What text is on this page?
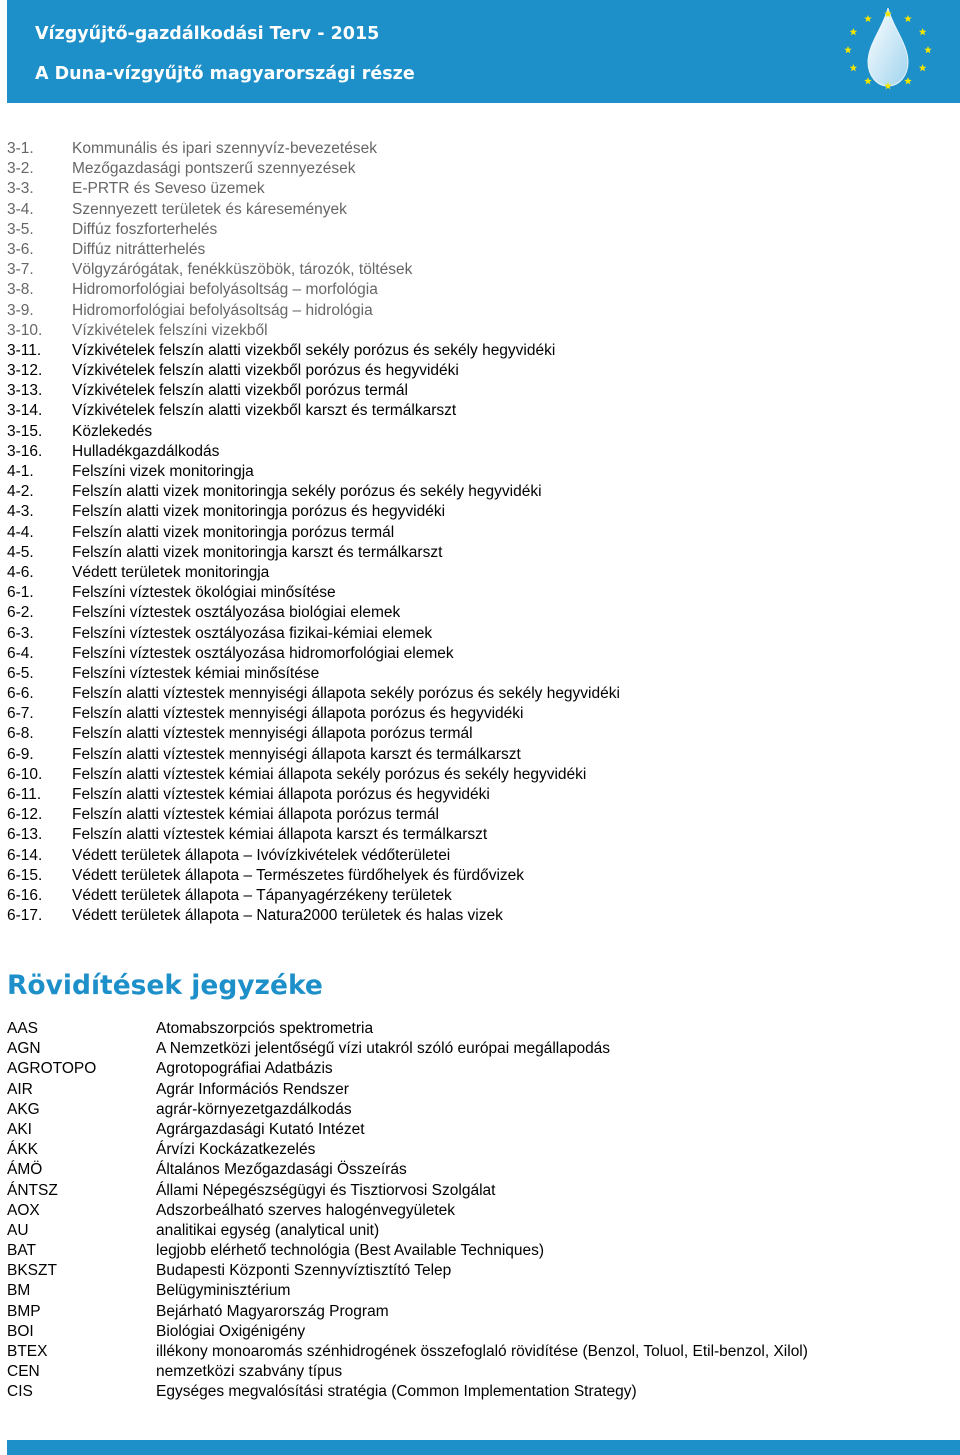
Vízgyűjtő-gazdálkodási Terv - 2015
A Duna-vízgyűjtő magyarországi része
3-1. Kommunális és ipari szennyvíz-bevezetések
3-2. Mezőgazdasági pontszerű szennyezések
3-3. E-PRTR és Seveso üzemek
3-4. Szennyezett területek és káresemények
3-5. Diffúz foszforterhelés
3-6. Diffúz nitrátterhelés
3-7. Völgyzárógátak, fenékküszöbök, tározók, töltések
3-8. Hidromorfológiai befolyásoltság – morfológia
3-9. Hidromorfológiai befolyásoltság – hidrológia
3-10. Vízkivételek felszíni vizekből
3-11. Vízkivételek felszín alatti vizekből sekély porózus és sekély hegyvidéki
3-12. Vízkivételek felszín alatti vizekből porózus és hegyvidéki
3-13. Vízkivételek felszín alatti vizekből porózus termál
3-14. Vízkivételek felszín alatti vizekből karszt és termálkarszt
3-15. Közlekedés
3-16. Hulladékgazdálkodás
4-1. Felszíni vizek monitoringja
4-2. Felszín alatti vizek monitoringja sekély porózus és sekély hegyvidéki
4-3. Felszín alatti vizek monitoringja porózus és hegyvidéki
4-4. Felszín alatti vizek monitoringja porózus termál
4-5. Felszín alatti vizek monitoringja karszt és termálkarszt
4-6. Védett területek monitoringja
6-1. Felszíni víztestek ökológiai minősítése
6-2. Felszíni víztestek osztályozása biológiai elemek
6-3. Felszíni víztestek osztályozása fizikai-kémiai elemek
6-4. Felszíni víztestek osztályozása hidromorfológiai elemek
6-5. Felszíni víztestek kémiai minősítése
6-6. Felszín alatti víztestek mennyiségi állapota sekély porózus és sekély hegyvidéki
6-7. Felszín alatti víztestek mennyiségi állapota porózus és hegyvidéki
6-8. Felszín alatti víztestek mennyiségi állapota porózus termál
6-9. Felszín alatti víztestek mennyiségi állapota karszt és termálkarszt
6-10. Felszín alatti víztestek kémiai állapota sekély porózus és sekély hegyvidéki
6-11. Felszín alatti víztestek kémiai állapota porózus és hegyvidéki
6-12. Felszín alatti víztestek kémiai állapota porózus termál
6-13. Felszín alatti víztestek kémiai állapota karszt és termálkarszt
6-14. Védett területek állapota – Ivóvízkivételek védőterületei
6-15. Védett területek állapota – Természetes fürdőhelyek és fürdővizek
6-16. Védett területek állapota – Tápanyagérzékeny területek
6-17. Védett területek állapota – Natura2000 területek és halas vizek
Rövidítések jegyzéke
AAS	Atomabszorpciós spektrometria
AGN	A Nemzetközi jelentőségű vízi utakról szóló európai megállapodás
AGROTOPO	Agrotopográfiai Adatbázis
AIR	Agrár Információs Rendszer
AKG	agrár-környezetgazdálkodás
AKI	Agrárgazdasági Kutató Intézet
ÁKK	Árvízi Kockázatkezelés
ÁMÖ	Általános Mezőgazdasági Összeírás
ÁNTSZ	Állami Népegészségügyi és Tisztiorvosi Szolgálat
AOX	Adszorbeálható szerves halogénvegyületek
AU	analitikai egység (analytical unit)
BAT	legjobb elérhető technológia (Best Available Techniques)
BKSZT	Budapesti Központi Szennyvíztisztító Telep
BM	Belügyminisztérium
BMP	Bejárható Magyarország Program
BOI	Biológiai Oxigénigény
BTEX	illékony monoaromás szénhidrogének összefoglaló rövidítése (Benzol, Toluol, Etil-benzol, Xilol)
CEN	nemzetközi szabvány típus
CIS	Egységes megvalósítási stratégia (Common Implementation Strategy)
